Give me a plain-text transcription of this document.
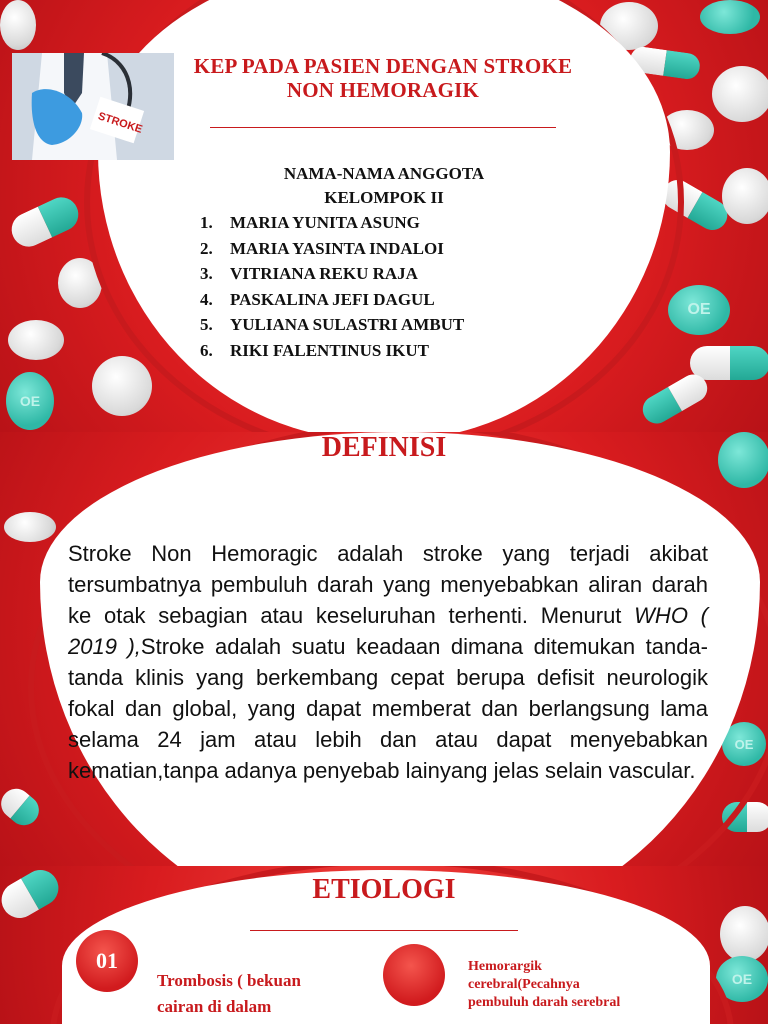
OE
OE
STROKE
KEP PADA PASIEN DENGAN STROKE
NON HEMORAGIK
NAMA-NAMA ANGGOTA
KELOMPOK II
1.	MARIA YUNITA ASUNG
2.	MARIA YASINTA INDALOI
3.	VITRIANA REKU RAJA
4.	PASKALINA JEFI DAGUL
5.	YULIANA SULASTRI AMBUT
6.	RIKI FALENTINUS IKUT
OE
DEFINISI

Stroke Non Hemoragic adalah stroke yang terjadi akibat tersumbatnya pembuluh darah yang menyebabkan aliran darah ke otak sebagian atau keseluruhan terhenti. Menurut WHO ( 2019 ),Stroke adalah suatu keadaan dimana ditemukan tanda-tanda klinis yang berkembang cepat berupa defisit neurologik fokal dan global, yang dapat memberat dan berlangsung lama selama 24 jam atau lebih dan atau dapat menyebabkan kematian,tanpa adanya penyebab lainyang jelas selain vascular.

OE
ETIOLOGI
01
Trombosis ( bekuan
cairan di dalam
Hemorargik
cerebral(Pecahnya
pembuluh darah serebral
